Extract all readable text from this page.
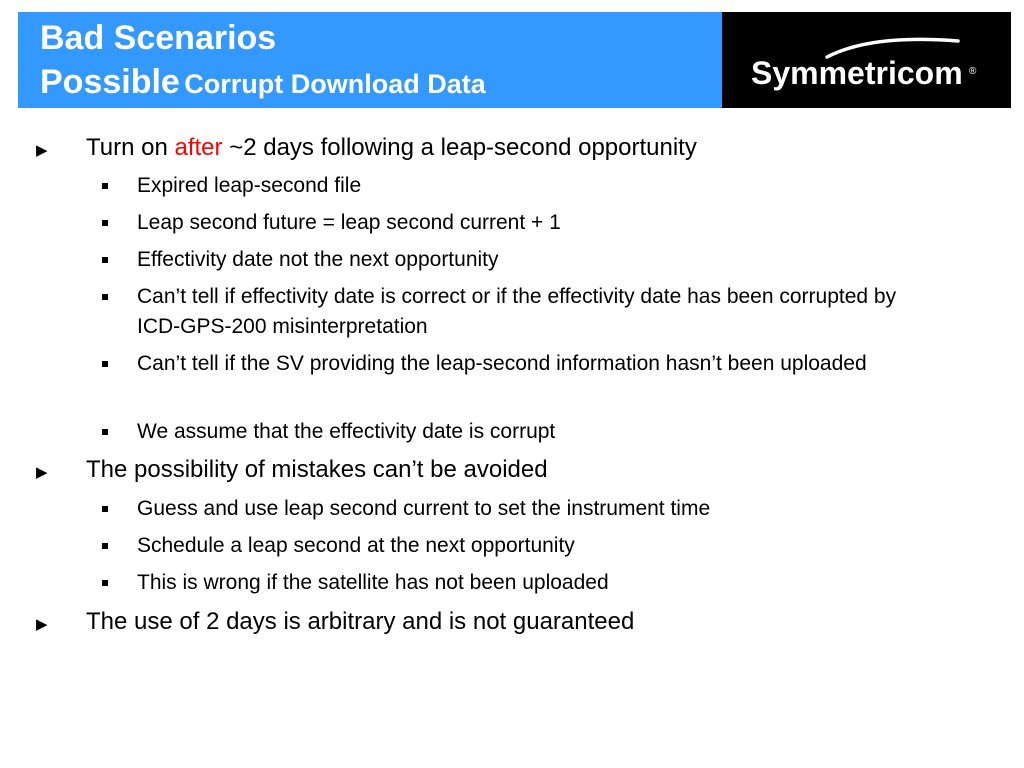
Bad Scenarios
Possible Corrupt Download Data	Symmetricom ®
▶ Turn on after ~2 days following a leap-second opportunity
Expired leap-second file
Leap second future = leap second current + 1
Effectivity date not the next opportunity
Can’t tell if effectivity date is correct or if the effectivity date has been corrupted by ICD-GPS-200 misinterpretation
Can’t tell if the SV providing the leap-second information hasn’t been uploaded
We assume that the effectivity date is corrupt
▶ The possibility of mistakes can’t be avoided
Guess and use leap second current to set the instrument time
Schedule a leap second at the next opportunity
This is wrong if the satellite has not been uploaded
▶ The use of 2 days is arbitrary and is not guaranteed
